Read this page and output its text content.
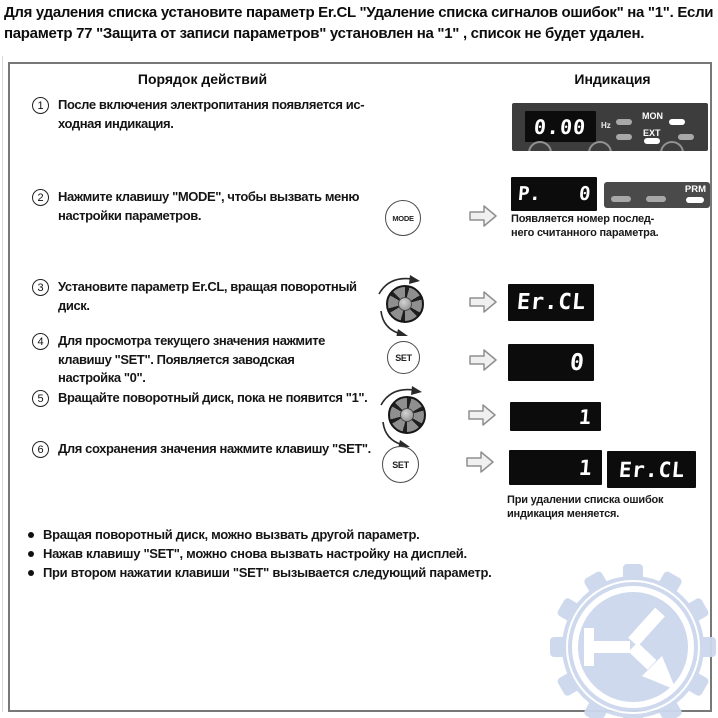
Для удаления списка установите параметр Er.CL "Удаление списка сигналов ошибок" на "1". Если
параметр 77 "Защита от записи параметров" установлен на "1" , список не будет удален.
Порядок действий	Индикация
1	После включения электропитания появляется ис-
ходная индикация.	0.00 Hz
MON
EXT
2	Нажмите клавишу "MODE", чтобы вызвать меню
настройки параметров.	MODE
P. 0	PRM
Появляется номер послед-
него считанного параметра.
3	Установите параметр Er.CL, вращая поворотный
диск.	Er.CL
4	Для просмотра текущего значения нажмите
клавишу "SET". Появляется заводская
настройка "0".
SET	0
5	Вращайте поворотный диск, пока не появится "1".
1
6	Для сохранения значения нажмите клавишу "SET".
SET	1 Er.CL
При удалении списка ошибок
индикация меняется.
Вращая поворотный диск, можно вызвать другой параметр.
Нажав клавишу "SET", можно снова вызвать настройку на дисплей.
При втором нажатии клавиши "SET" вызывается следующий параметр.
